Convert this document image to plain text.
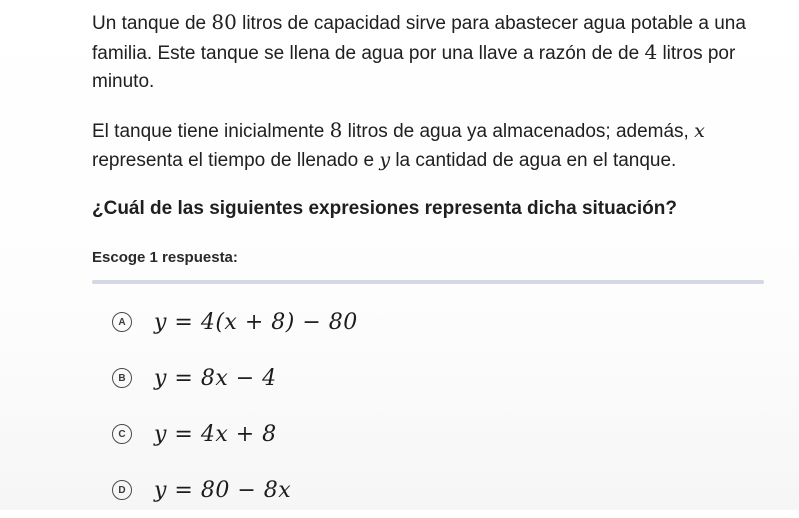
Un tanque de 80 litros de capacidad sirve para abastecer agua potable a una familia. Este tanque se llena de agua por una llave a razón de de 4 litros por minuto.

El tanque tiene inicialmente 8 litros de agua ya almacenados; además, x representa el tiempo de llenado e y la cantidad de agua en el tanque.

¿Cuál de las siguientes expresiones representa dicha situación?

Escoge 1 respuesta:

A y = 4(x + 8) − 80
B y = 8x − 4
C y = 4x + 8
D y = 80 − 8x
